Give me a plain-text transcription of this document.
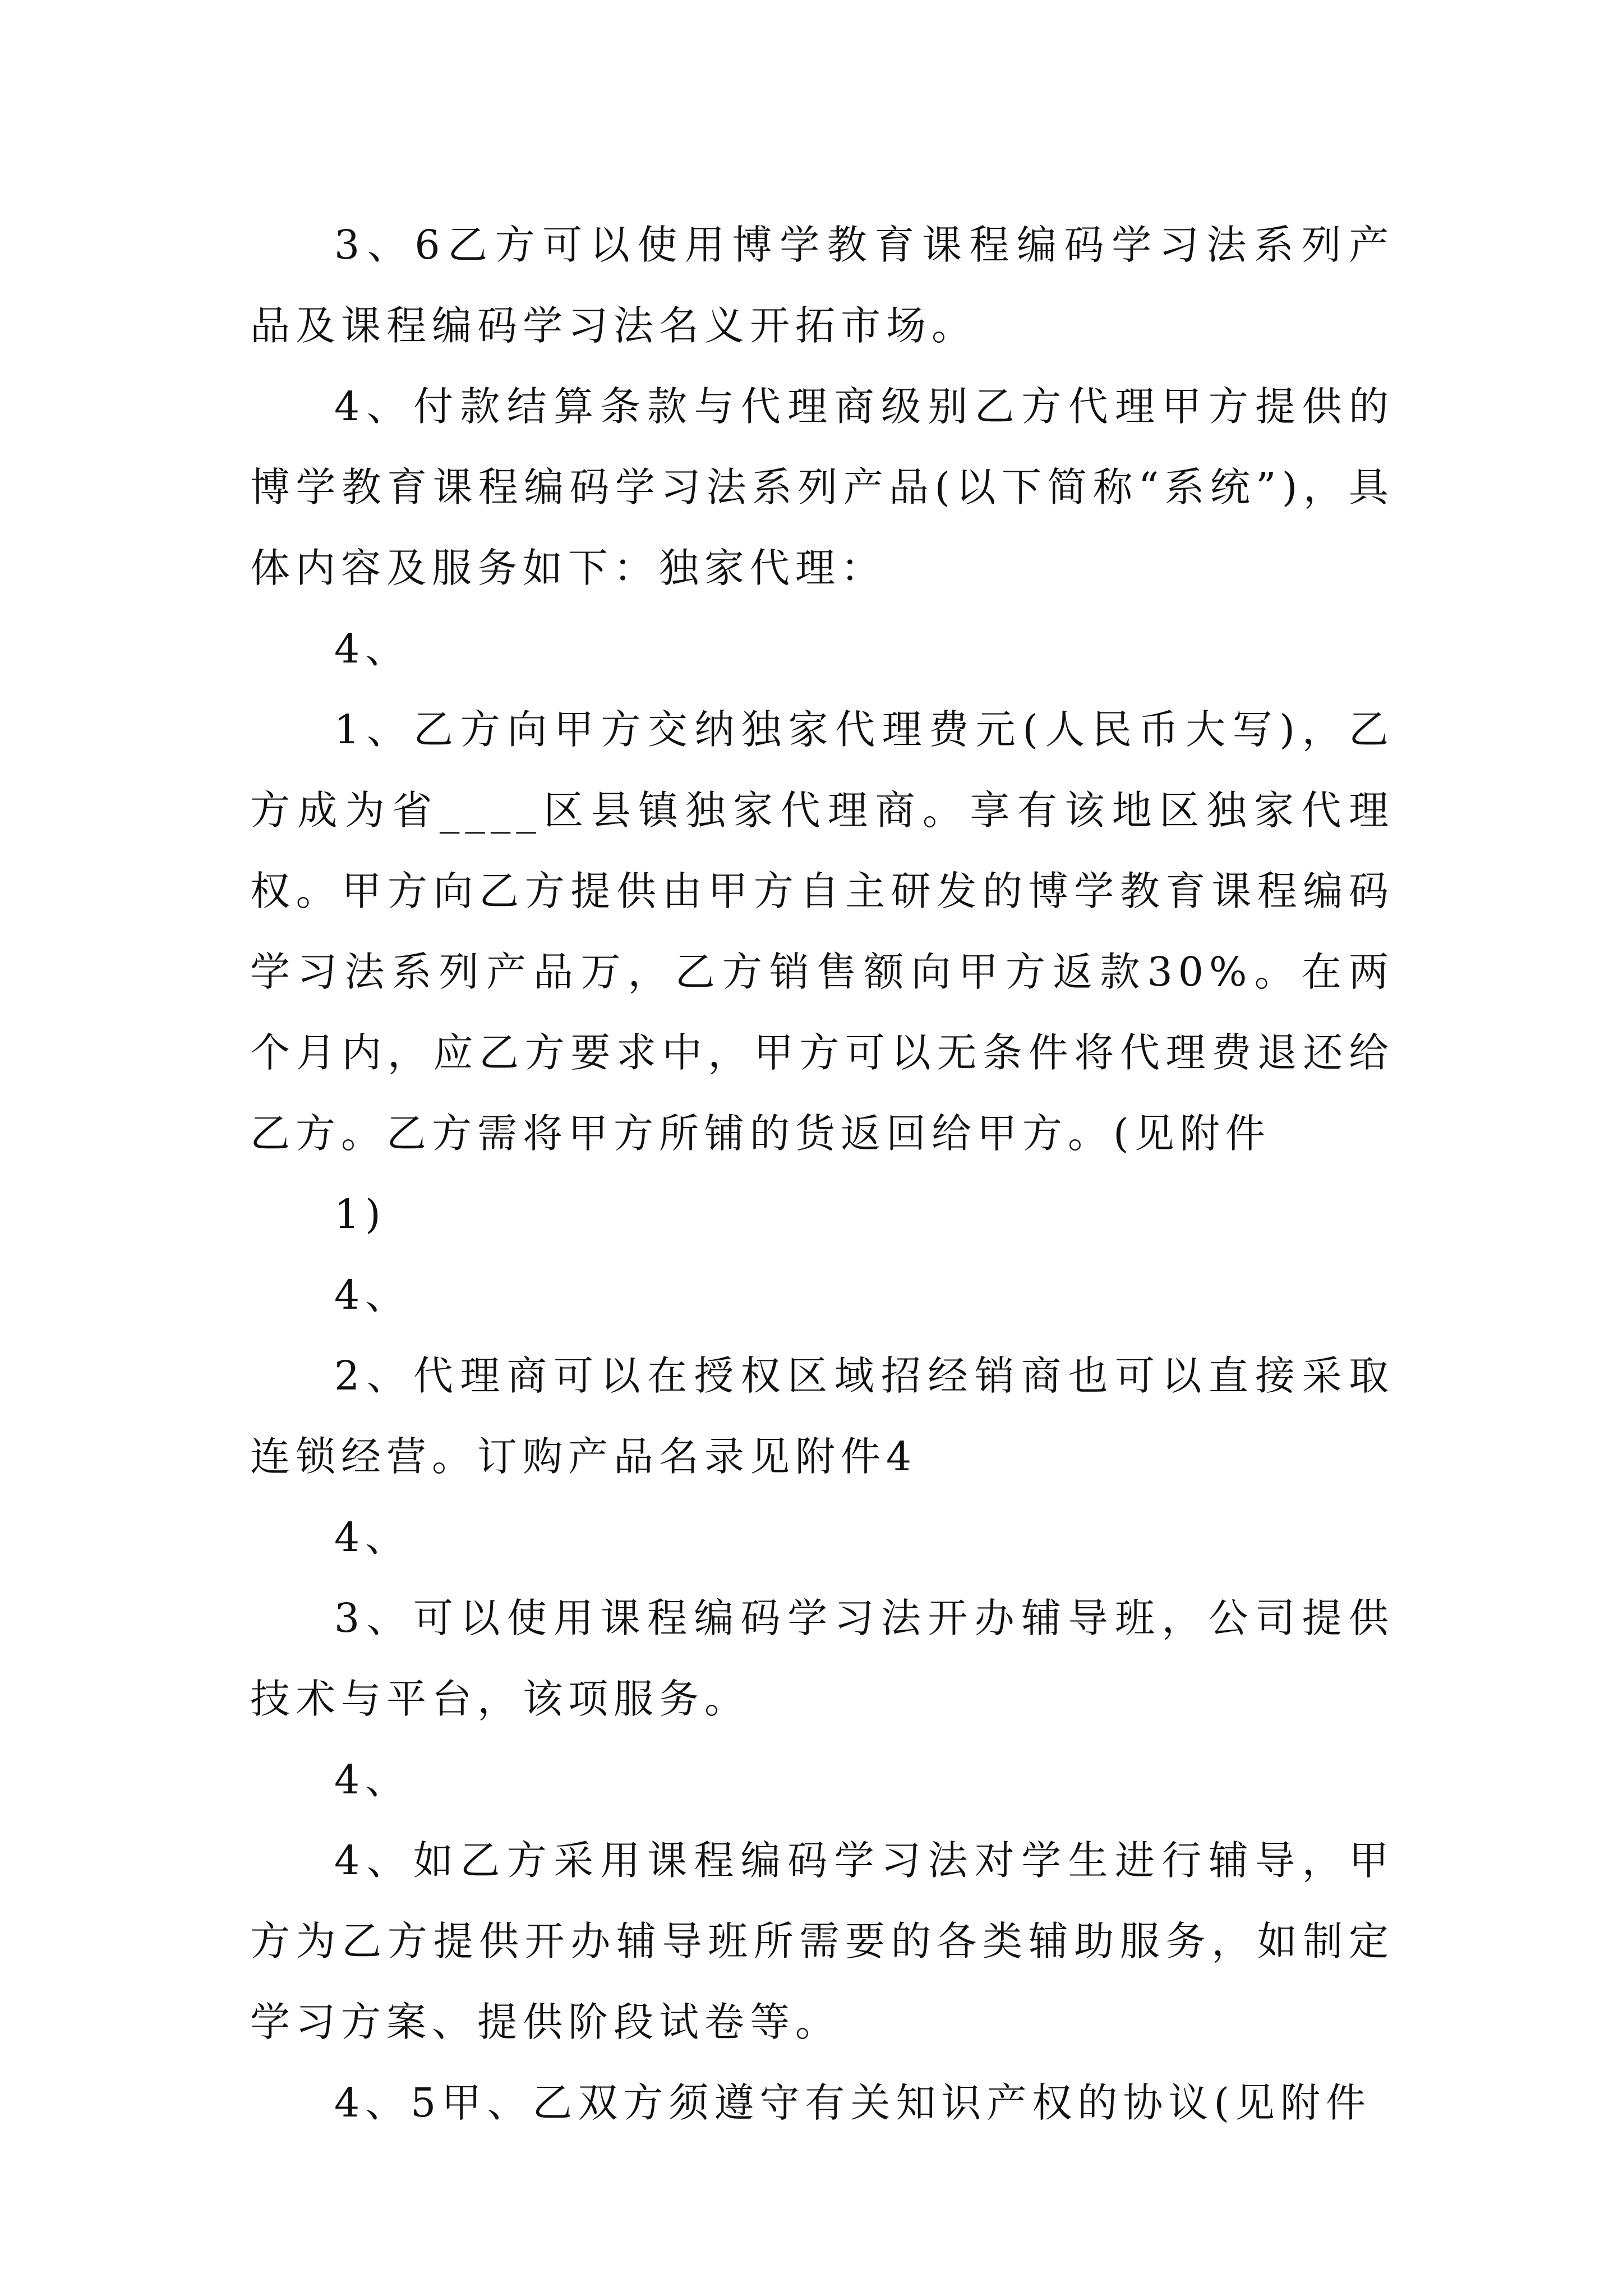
3、6乙方可以使用博学教育课程编码学习法系列产品及课程编码学习法名义开拓市场。

4、付款结算条款与代理商级别乙方代理甲方提供的博学教育课程编码学习法系列产品(以下简称“系统”)，具体内容及服务如下：独家代理：

4、

1、乙方向甲方交纳独家代理费元(人民币大写)，乙方成为省____区县镇独家代理商。享有该地区独家代理权。甲方向乙方提供由甲方自主研发的博学教育课程编码学习法系列产品万，乙方销售额向甲方返款30%。在两个月内，应乙方要求中，甲方可以无条件将代理费退还给乙方。乙方需将甲方所铺的货返回给甲方。(见附件

1)

4、

2、代理商可以在授权区域招经销商也可以直接采取连锁经营。订购产品名录见附件4

4、

3、可以使用课程编码学习法开办辅导班，公司提供技术与平台，该项服务。

4、

4、如乙方采用课程编码学习法对学生进行辅导，甲方为乙方提供开办辅导班所需要的各类辅助服务，如制定学习方案、提供阶段试卷等。

4、5甲、乙双方须遵守有关知识产权的协议(见附件
